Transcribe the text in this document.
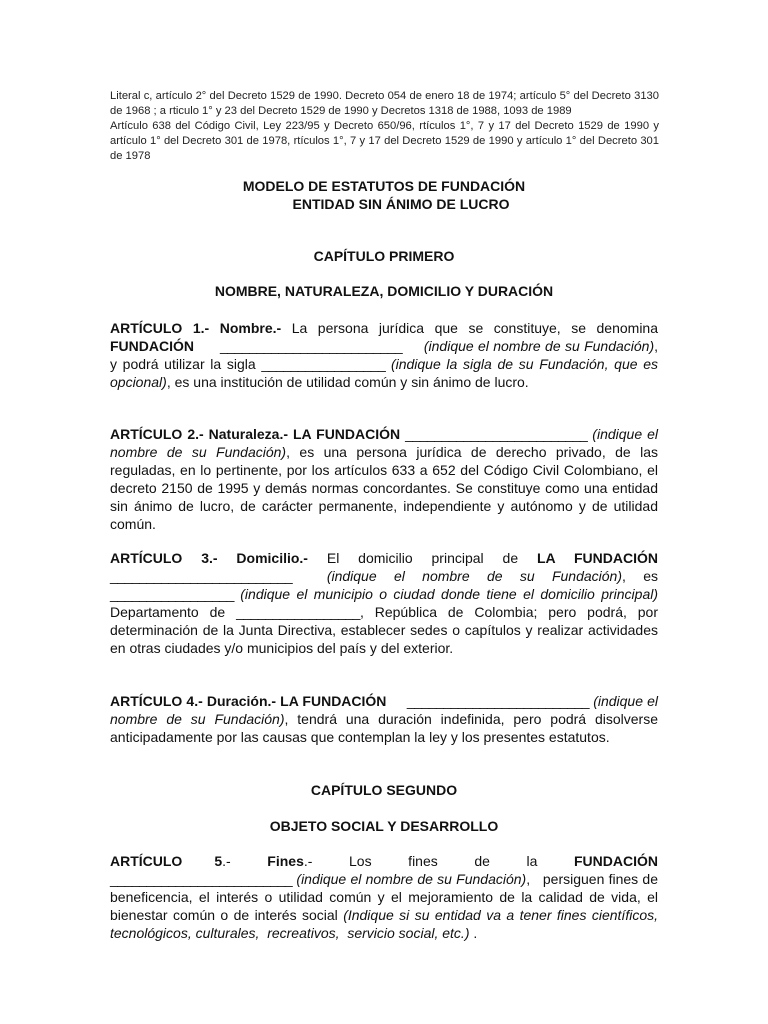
Literal c, artículo 2° del Decreto 1529 de 1990. Decreto 054 de enero 18 de 1974; artículo 5° del Decreto 3130 de 1968 ; a rticulo 1° y 23 del Decreto 1529 de 1990 y Decretos 1318 de 1988, 1093 de 1989

Artículo 638 del Código Civil, Ley 223/95 y Decreto 650/96, rtículos 1°, 7 y 17 del Decreto 1529 de 1990 y artículo 1° del Decreto 301 de 1978, rtículos 1°, 7 y 17 del Decreto 1529 de 1990 y artículo 1° del Decreto 301 de 1978

MODELO DE ESTATUTOS DE FUNDACIÓN
ENTIDAD SIN ÁNIMO DE LUCRO
CAPÍTULO PRIMERO
NOMBRE, NATURALEZA, DOMICILIO Y DURACIÓN

ARTÍCULO 1.- Nombre.- La persona jurídica que se constituye, se denomina FUNDACIÓN _________________________ (indique el nombre de su Fundación), y podrá utilizar la sigla _________________ (indique la sigla de su Fundación, que es opcional), es una institución de utilidad común y sin ánimo de lucro.

ARTÍCULO 2.- Naturaleza.- LA FUNDACIÓN _________________________ (indique el nombre de su Fundación), es una persona jurídica de derecho privado, de las reguladas, en lo pertinente, por los artículos 633 a 652 del Código Civil Colombiano, el decreto 2150 de 1995 y demás normas concordantes. Se constituye como una entidad sin ánimo de lucro, de carácter permanente, independiente y autónomo y de utilidad común.

ARTÍCULO 3.- Domicilio.- El domicilio principal de LA FUNDACIÓN _________________________ (indique el nombre de su Fundación), es _________________ (indique el municipio o ciudad donde tiene el domicilio principal) Departamento de _________________, República de Colombia; pero podrá, por determinación de la Junta Directiva, establecer sedes o capítulos y realizar actividades en otras ciudades y/o municipios del país y del exterior.

ARTÍCULO 4.- Duración.- LA FUNDACIÓN _________________________ (indique el nombre de su Fundación), tendrá una duración indefinida, pero podrá disolverse anticipadamente por las causas que contemplan la ley y los presentes estatutos.

CAPÍTULO SEGUNDO
OBJETO SOCIAL Y DESARROLLO

ARTÍCULO       5.-	Fines.-        Los        fines        de        la        FUNDACIÓN _________________________ (indique el nombre de su Fundación),   persiguen fines de beneficencia, el interés o utilidad común y el mejoramiento de la calidad de vida, el bienestar común o de interés social (Indique si su entidad va a tener fines científicos, tecnológicos, culturales,  recreativos,  servicio social, etc.) .
